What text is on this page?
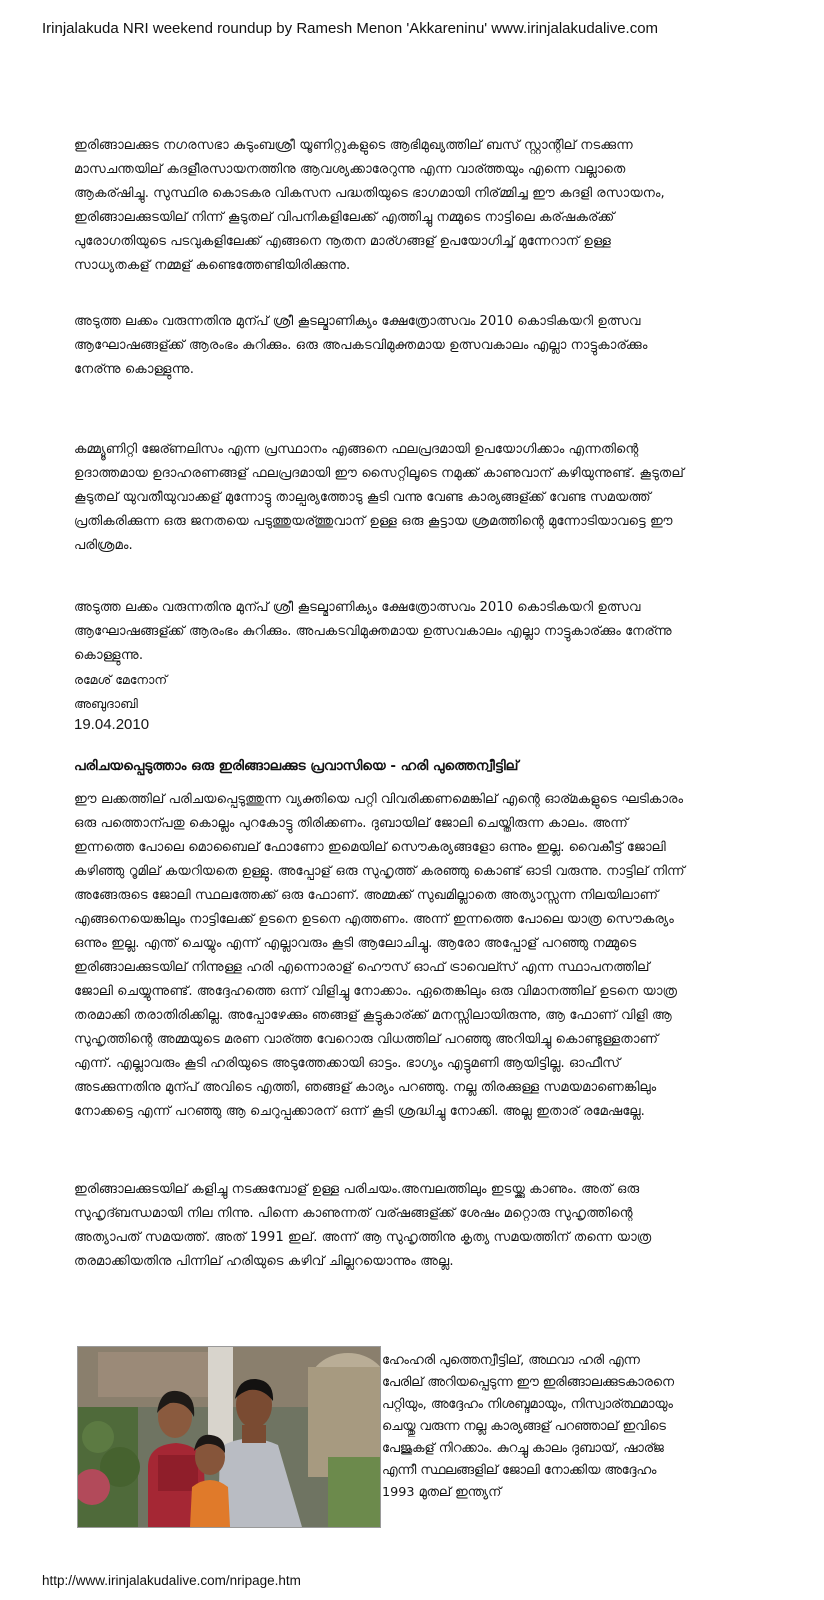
Irinjalakuda NRI weekend roundup by Ramesh Menon 'Akkareninu' www.irinjalakudalive.com

ഇരിങ്ങാലക്കുട നഗരസഭാ കുടുംബശ്രീ യൂണിറ്റുകളുടെ ആഭിമുഖ്യത്തില് ബസ് സ്റ്റാന്റില് നടക്കുന്ന മാസചന്തയില് കദളീരസായനത്തിനു ആവശ്യക്കാരേറുന്നു എന്ന വാര്ത്തയും എന്നെ വല്ലാതെ ആകര്ഷിച്ചു. സുസ്ഥിര കൊടകര വികസന പദ്ധതിയുടെ ഭാഗമായി നിര്മ്മിച്ച ഈ കദളി രസായനം, ഇരിങ്ങാലക്കുടയില് നിന്ന് കൂടുതല് വിപനികളിലേക്ക് എത്തിച്ചു നമ്മുടെ നാട്ടിലെ കര്ഷകര്ക്ക് പുരോഗതിയുടെ പടവുകളിലേക്ക് എങ്ങനെ നൂതന മാര്ഗങ്ങള് ഉപയോഗിച്ച് മുന്നേറാന് ഉള്ള സാധ്യതകള് നമ്മള് കണ്ടെത്തേണ്ടിയിരിക്കുന്നു.

അടുത്ത ലക്കം വരുന്നതിനു മുന്പ് ശ്രീ കൂടല്മാണിക്യം ക്ഷേത്രോത്സവം 2010 കൊടികയറി ഉത്സവ ആഘോഷങ്ങള്ക്ക് ആരംഭം കുറിക്കും. ഒരു അപകടവിമുക്തമായ ഉത്സവകാലം എല്ലാ നാട്ടുകാര്ക്കും നേര്ന്നു കൊള്ളുന്നു.

കമ്മ്യൂണിറ്റി ജേര്ണലിസം എന്ന പ്രസ്ഥാനം എങ്ങനെ ഫലപ്രദമായി ഉപയോഗിക്കാം എന്നതിന്റെ ഉദാത്തമായ ഉദാഹരണങ്ങള് ഫലപ്രദമായി ഈ സൈറ്റിലൂടെ നമുക്ക് കാണുവാന് കഴിയുന്നുണ്ട്. കൂടുതല് കൂടുതല് യുവതീയുവാക്കള് മുന്നോട്ടു താല്പര്യത്തോടു കൂടി വന്നു വേണ്ട കാര്യങ്ങള്ക്ക് വേണ്ട സമയത്ത് പ്രതികരിക്കുന്ന ഒരു ജനതയെ പടുത്തുയര്ത്തുവാന് ഉള്ള ഒരു കൂട്ടായ ശ്രമത്തിന്റെ മുന്നോടിയാവട്ടെ ഈ പരിശ്രമം.

അടുത്ത ലക്കം വരുന്നതിനു മുന്പ് ശ്രീ കൂടല്മാണിക്യം ക്ഷേത്രോത്സവം 2010 കൊടികയറി ഉത്സവ ആഘോഷങ്ങള്ക്ക് ആരംഭം കുറിക്കും. അപകടവിമുക്തമായ ഉത്സവകാലം എല്ലാ നാട്ടുകാര്ക്കും നേര്ന്നു കൊള്ളുന്നു.

രമേശ് മേനോന്
അബുദാബി
19.04.2010
പരിചയപ്പെടുത്താം ഒരു ഇരിങ്ങാലക്കുട പ്രവാസിയെ - ഹരി പുത്തെന്വീട്ടില്

ഈ ലക്കത്തില് പരിചയപ്പെടുത്തുന്ന വ്യക്തിയെ പറ്റി വിവരിക്കണമെങ്കില് എന്റെ ഓര്മകളുടെ ഘടികാരം ഒരു പത്തൊന്പതു കൊല്ലം പുറകോട്ടു തിരിക്കണം. ദുബായില് ജോലി ചെയ്തിരുന്ന കാലം. അന്ന് ഇന്നത്തെ പോലെ മൊബൈല് ഫോണോ ഇമെയില് സൌകര്യങ്ങളോ ഒന്നും ഇല്ല. വൈകീട്ട് ജോലി കഴിഞ്ഞു റൂമില് കയറിയതെ ഉള്ളു. അപ്പോള് ഒരു സുഹൃത്ത് കരഞ്ഞു കൊണ്ട് ഓടി വരുന്നു. നാട്ടില് നിന്ന് അങ്ങേരുടെ ജോലി സ്ഥലത്തേക്ക് ഒരു ഫോണ്. അമ്മക്ക് സുഖമില്ലാതെ അത്യാസ്സന്ന നിലയിലാണ് എങ്ങനെയെങ്കിലും നാട്ടിലേക്ക് ഉടനെ ഉടനെ എത്തണം. അന്ന് ഇന്നത്തെ പോലെ യാത്ര സൌകര്യം ഒന്നും ഇല്ല. എന്ത് ചെയ്യും എന്ന് എല്ലാവരും കൂടി ആലോചിച്ചു. ആരോ അപ്പോള് പറഞ്ഞു നമ്മുടെ ഇരിങ്ങാലക്കുടയില് നിന്നുള്ള ഹരി എന്നൊരാള് ഹൌസ് ഓഫ് ട്രാവെല്സ് എന്ന സ്ഥാപനത്തില് ജോലി ചെയ്യുന്നുണ്ട്. അദ്ദേഹത്തെ ഒന്ന് വിളിച്ചു നോക്കാം. ഏതെങ്കിലും ഒരു വിമാനത്തില് ഉടനെ യാത്ര തരമാക്കി തരാതിരിക്കില്ല. അപ്പോഴേക്കും ഞങ്ങള് കൂട്ടുകാര്ക്ക് മനസ്സിലായിരുന്നു, ആ ഫോണ് വിളി ആ സുഹൃത്തിന്റെ അമ്മയുടെ മരണ വാര്ത്ത വേറൊരു വിധത്തില് പറഞ്ഞു അറിയിച്ചു കൊണ്ടുള്ളതാണ് എന്ന്. എല്ലാവരും കൂടി ഹരിയുടെ അടുത്തേക്കായി ഓട്ടം. ഭാഗ്യം എട്ടുമണി ആയിട്ടില്ല. ഓഫീസ് അടക്കുന്നതിനു മുന്പ് അവിടെ എത്തി, ഞങ്ങള് കാര്യം പറഞ്ഞു. നല്ല തിരക്കുള്ള സമയമാണെങ്കിലും നോക്കട്ടെ എന്ന് പറഞ്ഞു ആ ചെറുപ്പക്കാരന് ഒന്ന് കൂടി ശ്രദ്ധിച്ചു നോക്കി. അല്ല ഇതാര് രമേഷല്ലേ.

ഇരിങ്ങാലക്കുടയില് കളിച്ചു നടക്കുമ്പോള് ഉള്ള പരിചയം.അമ്പലത്തിലും ഇടയ്ക്കു കാണും. അത് ഒരു സുഹൃദ്ബന്ധമായി നില നിന്നു. പിന്നെ കാണുന്നത് വര്ഷങ്ങള്ക്ക് ശേഷം മറ്റൊരു സുഹൃത്തിന്റെ അത്യാപത് സമയത്ത്. അത് 1991 ഇല്. അന്ന് ആ സുഹൃത്തിനു കൃത്യ സമയത്തിന് തന്നെ യാത്ര തരമാക്കിയതിനു പിന്നില് ഹരിയുടെ കഴിവ് ചില്ലറയൊന്നും അല്ല.

ഹേംഹരി പുത്തെന്വീട്ടില്, അഥവാ ഹരി എന്ന പേരില് അറിയപ്പെടുന്ന ഈ ഇരിങ്ങാലക്കുടകാരനെ പറ്റിയും, അദ്ദേഹം നിശബ്ദമായും, നിസ്വാര്ത്ഥമായും ചെയ്തു വരുന്ന നല്ല കാര്യങ്ങള് പറഞ്ഞാല് ഇവിടെ പേജുകള് നിറക്കാം. കുറച്ചു കാലം ദുബായ്, ഷാര്ജ എന്നീ സ്ഥലങ്ങളില് ജോലി നോക്കിയ അദ്ദേഹം 1993 മുതല് ഇന്ത്യന്

http://www.irinjalakudalive.com/nripage.htm
